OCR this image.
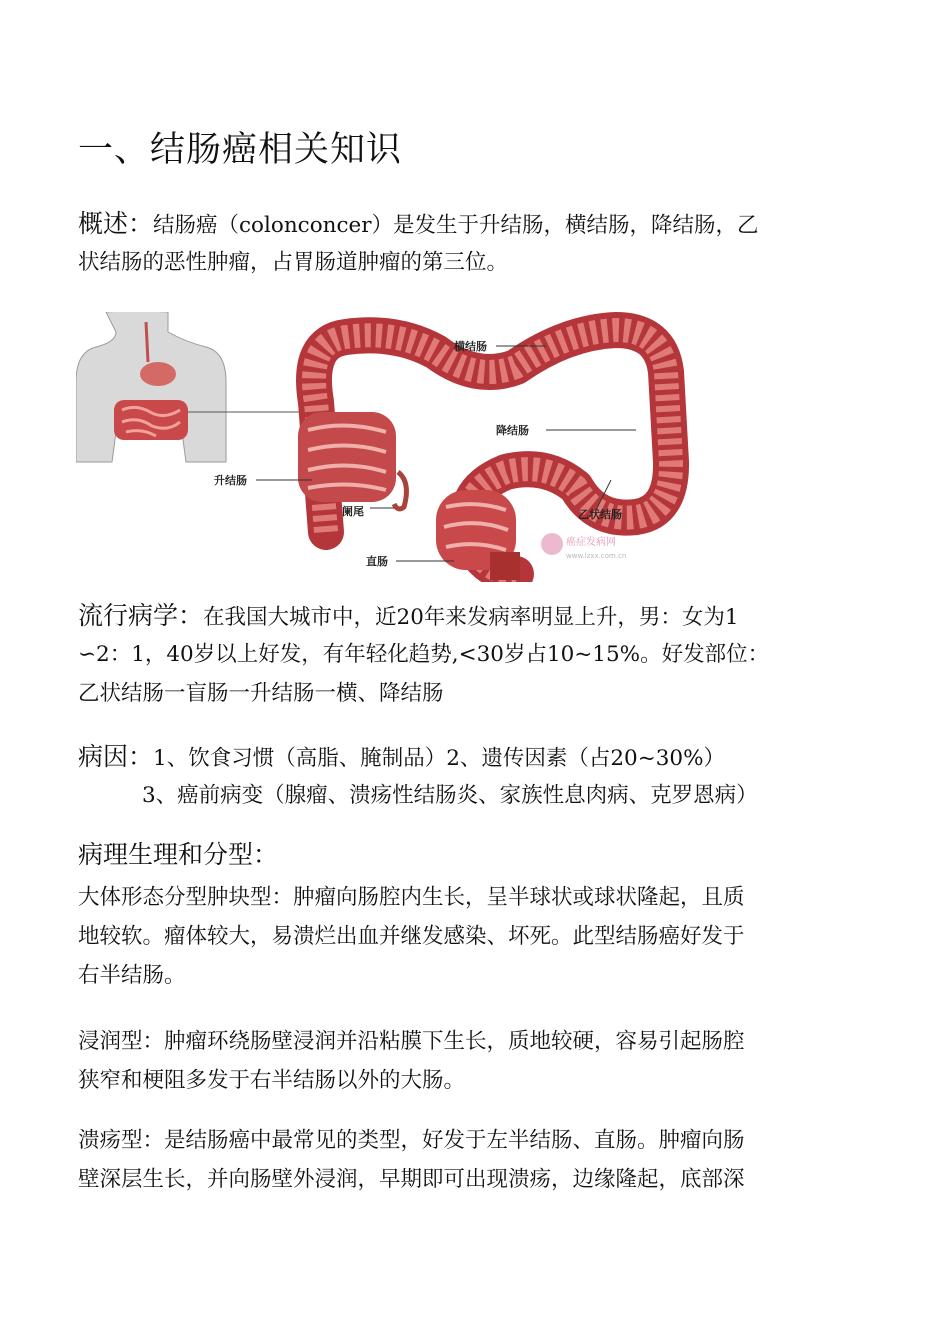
一、结肠癌相关知识
概述：结肠癌（colonconcer）是发生于升结肠，横结肠，降结肠，乙
状结肠的恶性肿瘤，占胃肠道肿瘤的第三位。
横结肠
降结肠
升结肠
阑尾	乙状结肠
直肠
癌症发病网
www.lzxx.com.cn
流行病学：在我国大城市中，近20年来发病率明显上升，男：女为1
∽2：1，40岁以上好发，有年轻化趋势,<30岁占10~15%。好发部位：
乙状结肠一盲肠一升结肠一横、降结肠
病因：1、饮食习惯（高脂、腌制品）2、遗传因素（占20~30%）
3、癌前病变（腺瘤、溃疡性结肠炎、家族性息肉病、克罗恩病）
病理生理和分型：
大体形态分型肿块型：肿瘤向肠腔内生长，呈半球状或球状隆起，且质
地较软。瘤体较大，易溃烂出血并继发感染、坏死。此型结肠癌好发于
右半结肠。
浸润型：肿瘤环绕肠壁浸润并沿粘膜下生长，质地较硬，容易引起肠腔
狭窄和梗阻多发于右半结肠以外的大肠。
溃疡型：是结肠癌中最常见的类型，好发于左半结肠、直肠。肿瘤向肠
壁深层生长，并向肠壁外浸润，早期即可出现溃疡，边缘隆起，底部深
